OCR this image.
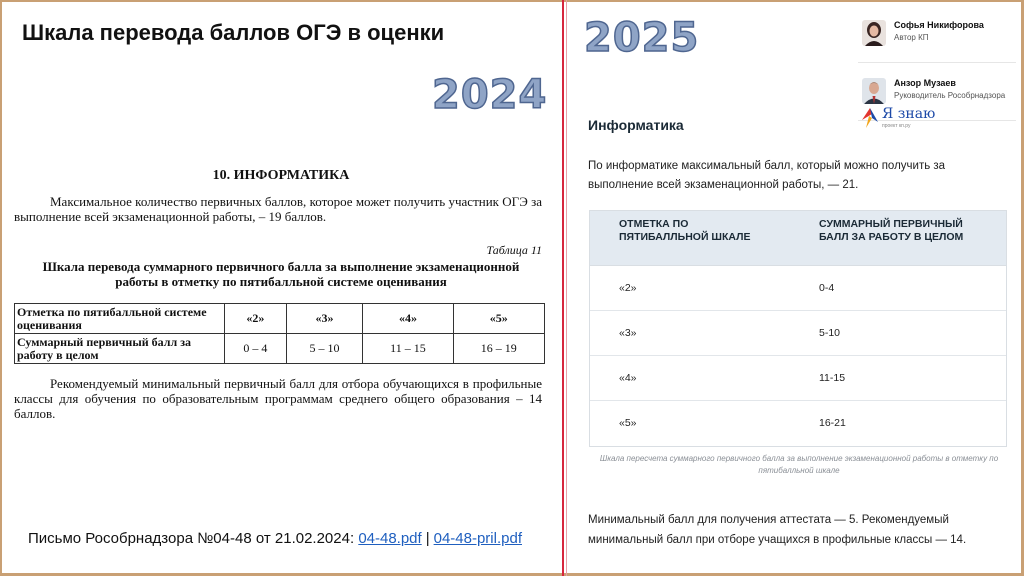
Шкала перевода баллов ОГЭ в оценки
2024
2025
10. ИНФОРМАТИКА
Максимальное количество первичных баллов, которое может получить участник ОГЭ за выполнение всей экзаменационной работы, – 19 баллов.
Таблица 11
Шкала перевода суммарного первичного балла за выполнение экзаменационной работы в отметку по пятибалльной системе оценивания
Отметка по пятибалльной системе оценивания	«2»	«3»	«4»	«5»
Суммарный первичный балл за работу в целом	0 – 4	5 – 10	11 – 15	16 – 19
Рекомендуемый минимальный первичный балл для отбора обучающихся в профильные классы для обучения по образовательным программам среднего общего образования – 14 баллов.
Письмо Рособрнадзора №04-48 от 21.02.2024: 04-48.pdf | 04-48-pril.pdf
Софья Никифорова
Автор КП
Анзор Музаев
Руководитель Рособрнадзора
Я знаю
проект кп.ру
Информатика
По информатике максимальный балл, который можно получить за выполнение всей экзаменационной работы, — 21.
ОТМЕТКА ПО ПЯТИБАЛЛЬНОЙ ШКАЛЕ
СУММАРНЫЙ ПЕРВИЧНЫЙ БАЛЛ ЗА РАБОТУ В ЦЕЛОМ
«2»	0-4
«3»	5-10
«4»	11-15
«5»	16-21
Шкала пересчета суммарного первичного балла за выполнение экзаменационной работы в отметку по пятибалльной шкале
Минимальный балл для получения аттестата — 5. Рекомендуемый минимальный балл при отборе учащихся в профильные классы — 14.
